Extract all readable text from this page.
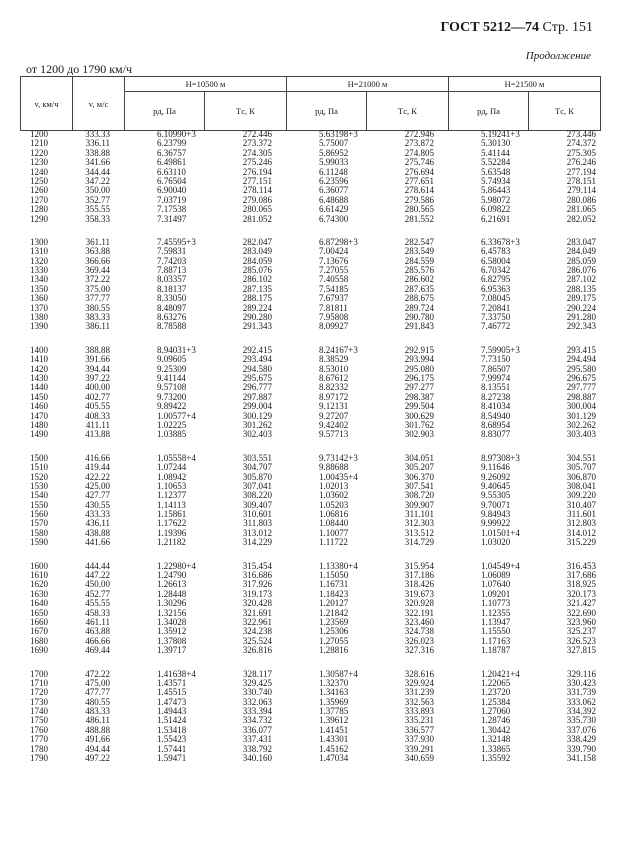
ГОСТ 5212—74 Стр. 151
Продолжение
от 1200 до 1790 км/ч
v, км/ч	v, м/с	H=10500 м		H=21000 м		H=21500 м	
		pд, Па	Tс, К	pд, Па	Tс, К	pд, Па	Tс, К
1200	333.33	6.10990+3	272.446	5.63198+3	272.946	5.19241+3	273.446
1210	336.11	6.23799	273.372	5.75007	273.872	5.30130	274.372
1220	338.88	6.36757	274.305	5.86952	274.805	5.41144	275.305
1230	341.66	6.49861	275.246	5.99033	275.746	5.52284	276.246
1240	344.44	6.63110	276.194	6.11248	276.694	5.63548	277.194
1250	347.22	6.76504	277.151	6.23596	277.651	5.74934	278.151
1260	350.00	6.90040	278.114	6.36077	278.614	5.86443	279.114
1270	352.77	7.03719	279.086	6.48688	279.586	5.98072	280.086
1280	355.55	7.17538	280.065	6.61429	280.565	6.09822	281.065
1290	358.33	7.31497	281.052	6.74300	281.552	6.21691	282.052
1300	361.11	7.45595+3	282.047	6.87298+3	282.547	6.33678+3	283.047
1310	363.88	7.59831	283.049	7.00424	283.549	6.45783	284.049
1320	366.66	7.74203	284.059	7.13676	284.559	6.58004	285.059
1330	369.44	7.88713	285.076	7.27055	285.576	6.70342	286.076
1340	372.22	8.03357	286.102	7.40558	286.602	6.82795	287.102
1350	375.00	8.18137	287.135	7.54185	287.635	6.95363	288.135
1360	377.77	8.33050	288.175	7.67937	288.675	7.08045	289.175
1370	380.55	8.48097	289.224	7.81811	289.724	7.20841	290.224
1380	383.33	8.63276	290.280	7.95808	290.780	7.33750	291.280
1390	386.11	8.78588	291.343	8.09927	291.843	7.46772	292.343
1400	388.88	8.94031+3	292.415	8.24167+3	292.915	7.59905+3	293.415
1410	391.66	9.09605	293.494	8.38529	293.994	7.73150	294.494
1420	394.44	9.25309	294.580	8.53010	295.080	7.86507	295.580
1430	397.22	9.41144	295.675	8.67612	296.175	7.99974	296.675
1440	400.00	9.57108	296.777	8.82332	297.277	8.13551	297.777
1450	402.77	9.73200	297.887	8.97172	298.387	8.27238	298.887
1460	405.55	9.89422	299.004	9.12131	299.504	8.41034	300.004
1470	408.33	1.00577+4	300.129	9.27207	300.629	8.54940	301.129
1480	411.11	1.02225	301.262	9.42402	301.762	8.68954	302.262
1490	413.88	1.03885	302.403	9.57713	302.903	8.83077	303.403
1500	416.66	1.05558+4	303.551	9.73142+3	304.051	8.97308+3	304.551
1510	419.44	1.07244	304.707	9.88688	305.207	9.11646	305.707
1520	422.22	1.08942	305.870	1.00435+4	306.370	9.26092	306.870
1530	425.00	1.10653	307.041	1.02013	307.541	9.40645	308.041
1540	427.77	1.12377	308.220	1.03602	308.720	9.55305	309.220
1550	430.55	1.14113	309.407	1.05203	309.907	9.70071	310.407
1560	433.33	1.15861	310.601	1.06816	311.101	9.84943	311.601
1570	436.11	1.17622	311.803	1.08440	312.303	9.99922	312.803
1580	438.88	1.19396	313.012	1.10077	313.512	1.01501+4	314.012
1590	441.66	1.21182	314.229	1.11722	314.729	1.03020	315.229
1600	444.44	1.22980+4	315.454	1.13380+4	315.954	1.04549+4	316.453
1610	447.22	1.24790	316.686	1.15050	317.186	1.06089	317.686
1620	450.00	1.26613	317.926	1.16731	318.426	1.07640	318.925
1630	452.77	1.28448	319.173	1.18423	319.673	1.09201	320.173
1640	455.55	1.30296	320.428	1.20127	320.928	1.10773	321.427
1650	458.33	1.32156	321.691	1.21842	322.191	1.12355	322.690
1660	461.11	1.34028	322.961	1.23569	323.460	1.13947	323.960
1670	463.88	1.35912	324.238	1.25306	324.738	1.15550	325.237
1680	466.66	1.37808	325.524	1.27055	326.023	1.17163	326.523
1690	469.44	1.39717	326.816	1.28816	327.316	1.18787	327.815
1700	472.22	1.41638+4	328.117	1.30587+4	328.616	1.20421+4	329.116
1710	475.00	1.43571	329.425	1.32370	329.924	1.22065	330.423
1720	477.77	1.45515	330.740	1.34163	331.239	1.23720	331.739
1730	480.55	1.47473	332.063	1.35969	332.563	1.25384	333.062
1740	483.33	1.49443	333.394	1.37785	333.893	1.27060	334.392
1750	486.11	1.51424	334.732	1.39612	335.231	1.28746	335.730
1760	488.88	1.53418	336.077	1.41451	336.577	1.30442	337.076
1770	491.66	1.55423	337.431	1.43301	337.930	1.32148	338.429
1780	494.44	1.57441	338.792	1.45162	339.291	1.33865	339.790
1790	497.22	1.59471	340.160	1.47034	340.659	1.35592	341.158
